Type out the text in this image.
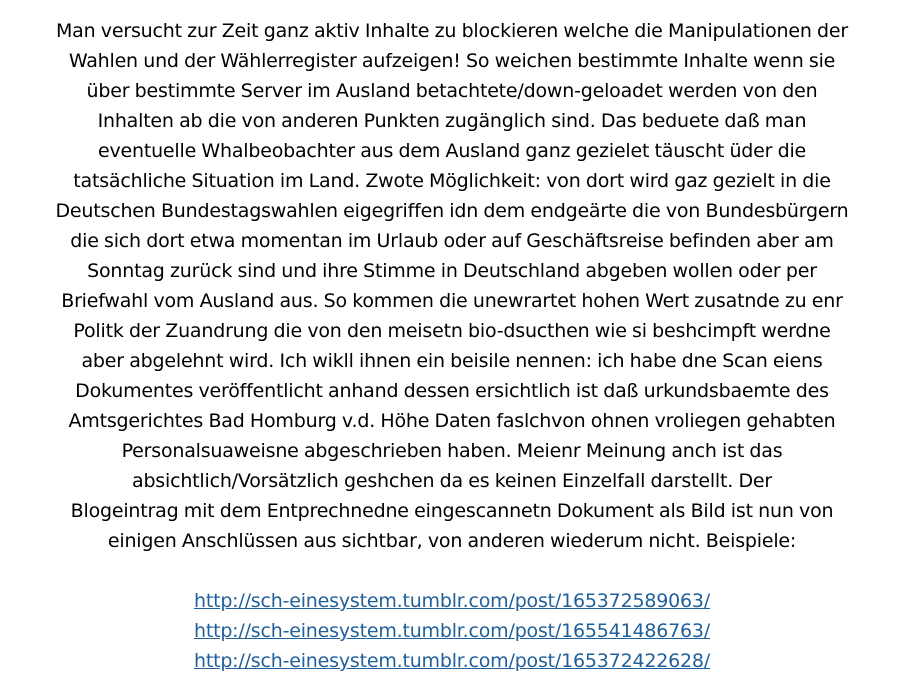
Man versucht zur Zeit ganz aktiv Inhalte zu blockieren welche die Manipulationen der
Wahlen und der Wählerregister aufzeigen! So weichen bestimmte Inhalte wenn sie
über bestimmte Server im Ausland betachtete/down-geloadet werden von den
Inhalten ab die von anderen Punkten zugänglich sind. Das beduete daß man
eventuelle Whalbeobachter aus dem Ausland ganz gezielet täuscht üder die
tatsächliche Situation im Land. Zwote Möglichkeit: von dort wird gaz gezielt in die
Deutschen Bundestagswahlen eigegriffen idn dem endgeärte die von Bundesbürgern
die sich dort etwa momentan im Urlaub oder auf Geschäftsreise befinden aber am
Sonntag zurück sind und ihre Stimme in Deutschland abgeben wollen oder per
Briefwahl vom Ausland aus. So kommen die unewrartet hohen Wert zusatnde zu enr
Politk der Zuandrung die von den meisetn bio-dsucthen wie si beshcimpft werdne
aber abgelehnt wird. Ich wikll ihnen ein beisile nennen: ich habe dne Scan eiens
Dokumentes veröffentlicht anhand dessen ersichtlich ist daß urkundsbaemte des
Amtsgerichtes Bad Homburg v.d. Höhe Daten faslchvon ohnen vroliegen gehabten
Personalsuaweisne abgeschrieben haben. Meienr Meinung anch ist das
absichtlich/Vorsätzlich geshchen da es keinen Einzelfall darstellt. Der
Blogeintrag mit dem Entprechnedne eingescannetn Dokument als Bild ist nun von
einigen Anschlüssen aus sichtbar, von anderen wiederum nicht. Beispiele:

http://sch-einesystem.tumblr.com/post/165372589063/
http://sch-einesystem.tumblr.com/post/165541486763/
http://sch-einesystem.tumblr.com/post/165372422628/
